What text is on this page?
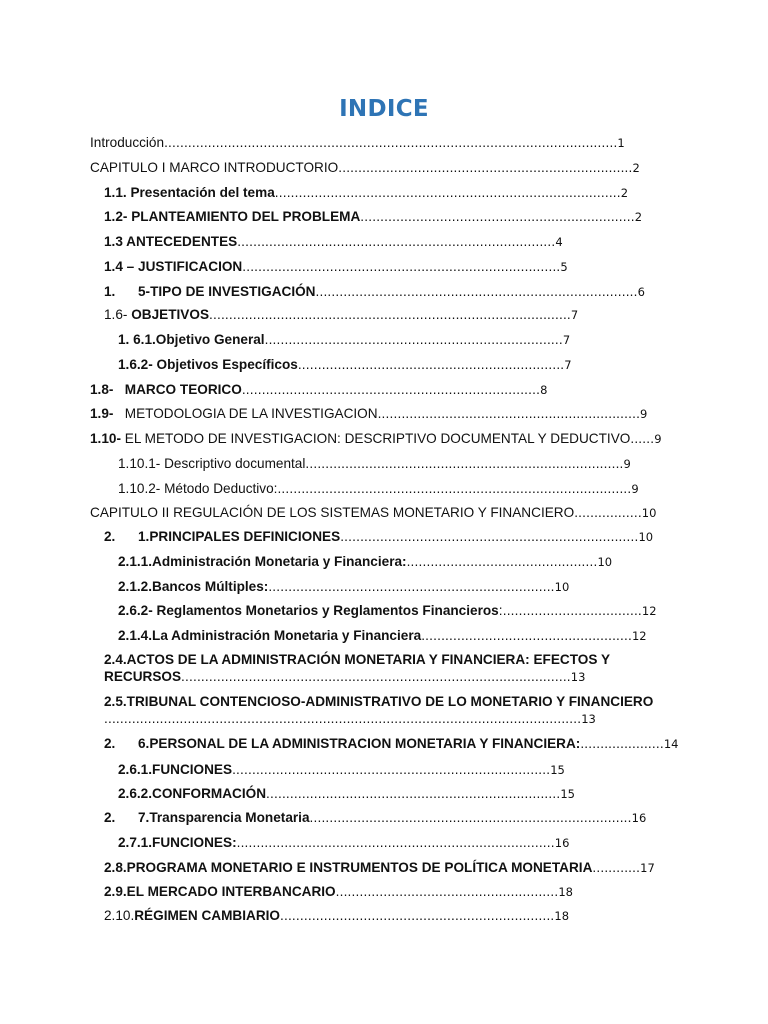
INDICE
Introducción..................................................................................................................1
CAPITULO I MARCO INTRODUCTORIO..........................................................................2
1.1. Presentación del tema.......................................................................................2
1.2- PLANTEAMIENTO DEL PROBLEMA.....................................................................2
1.3 ANTECEDENTES................................................................................4
1.4 – JUSTIFICACION................................................................................5
1.      5-TIPO DE INVESTIGACIÓN.................................................................................6
1.6- OBJETIVOS...........................................................................................7
1. 6.1.Objetivo General...........................................................................7
1.6.2- Objetivos Específicos...................................................................7
1.8-   MARCO TEORICO...........................................................................8
1.9-   METODOLOGIA DE LA INVESTIGACION..................................................................9
1.10- EL METODO DE INVESTIGACION: DESCRIPTIVO DOCUMENTAL Y DEDUCTIVO......9
1.10.1- Descriptivo documental................................................................................9
1.10.2- Método Deductivo:.........................................................................................9
CAPITULO II REGULACIÓN DE LOS SISTEMAS MONETARIO Y FINANCIERO.................10
2.      1.PRINCIPALES DEFINICIONES...........................................................................10
2.1.1.Administración Monetaria y Financiera:................................................10
2.1.2.Bancos Múltiples:........................................................................10
2.6.2- Reglamentos Monetarios y Reglamentos Financieros:...................................12
2.1.4.La Administración Monetaria y Financiera.....................................................12
2.4.ACTOS DE LA ADMINISTRACIÓN MONETARIA Y FINANCIERA: EFECTOS Y
RECURSOS..................................................................................................13
2.5.TRIBUNAL CONTENCIOSO-ADMINISTRATIVO DE LO MONETARIO Y FINANCIERO
........................................................................................................................13
2.      6.PERSONAL DE LA ADMINISTRACION MONETARIA Y FINANCIERA:.....................14
2.6.1.FUNCIONES................................................................................15
2.6.2.CONFORMACIÓN..........................................................................15
2.      7.Transparencia Monetaria.................................................................................16
2.7.1.FUNCIONES:................................................................................16
2.8.PROGRAMA MONETARIO E INSTRUMENTOS DE POLÍTICA MONETARIA............17
2.9.EL MERCADO INTERBANCARIO........................................................18
2.10.RÉGIMEN CAMBIARIO.....................................................................18
